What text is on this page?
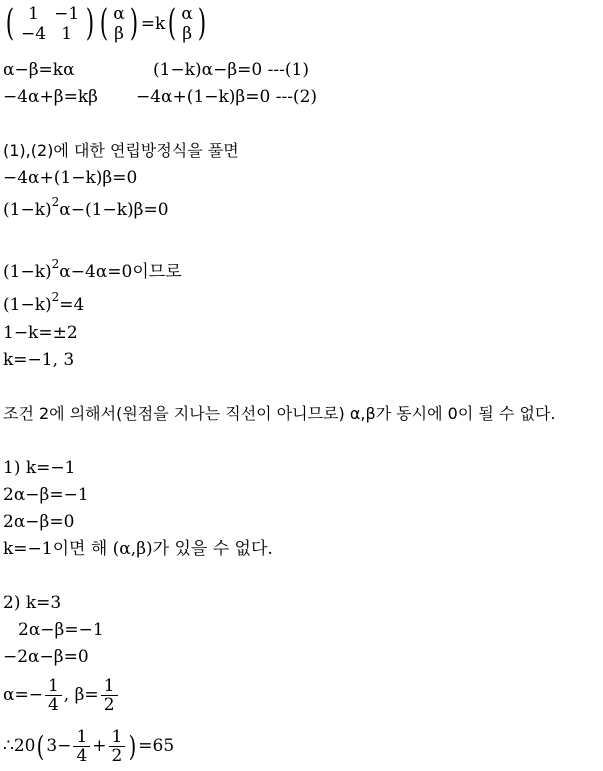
( 1	−1
−4	1 ) ( α
β ) =k( α
β )
α−β=kα	(1−k)α−β=0 ---(1)
−4α+β=kβ −4α+(1−k)β=0 ---(2)
(1),(2)에 대한 연립방정식을 풀면
−4α+(1−k)β=0
$(1-k)^2\alpha-(1-k)\beta=0$
$(1-k)^2\alpha-4\alpha=0$이므로
$(1-k)^2=4$
1−k=±2
k=−1, 3
조건 2에 의해서(원점을 지나는 직선이 아니므로) α,β가 동시에 0이 될 수 없다.
1) k=−1
2α−β=−1
2α−β=0
k=−1이면 해 (α,β)가 있을 수 없다.
2) k=3
2α−β=−1
−2α−β=0
$\alpha=- \frac{1}{4}$ , $\beta= \frac{1}{2}$
∴20(3− $\frac{1}{4} + \frac{1}{2} )=65$
